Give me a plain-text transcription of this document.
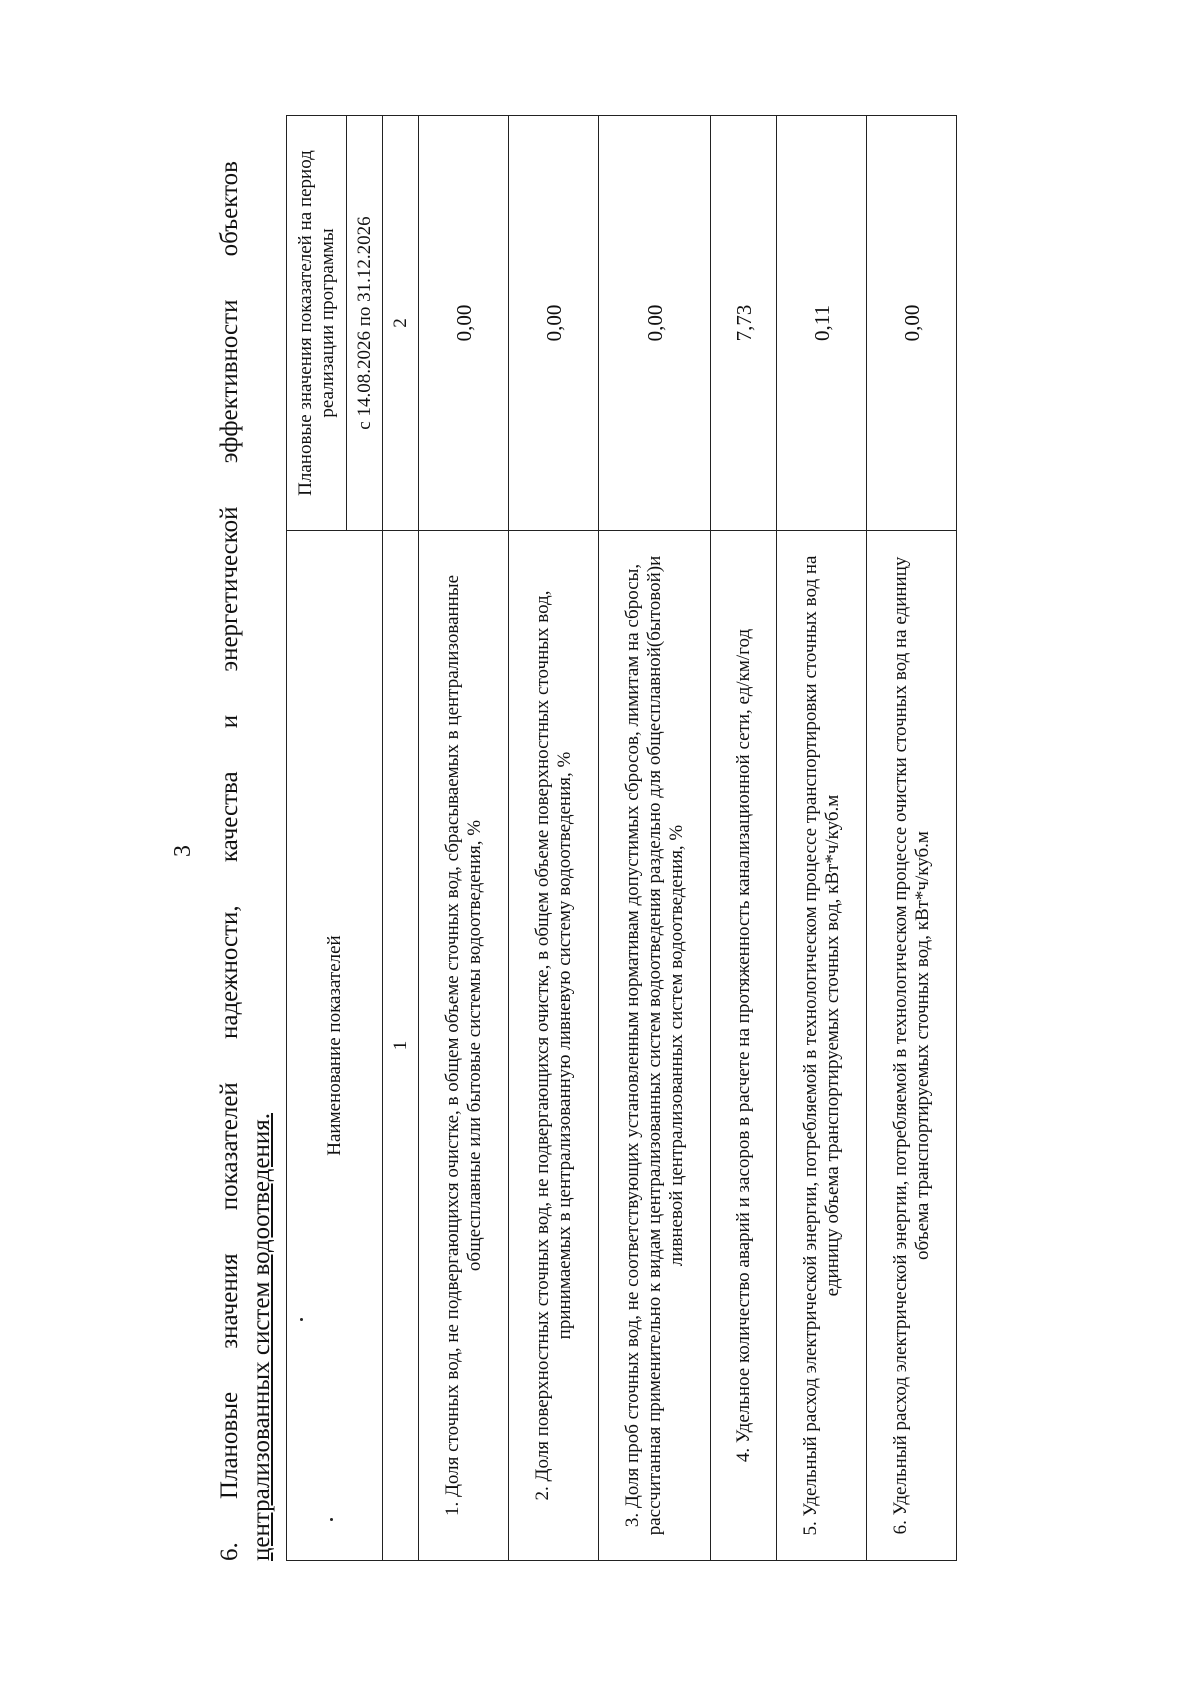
3
6.
Плановые
значения
показателей
надежности,
качества
и
энергетической
эффективности
объектов
централизованных систем водоотведения.
Наименование показателей	Плановые значения показателей на период реализации программы
	с 14.08.2026 по 31.12.2026
1	2
1. Доля сточных вод, не подвергающихся очистке, в общем объеме сточных вод, сбрасываемых в централизованные общесплавные или бытовые системы водоотведения, %	0,00
2. Доля поверхностных сточных вод, не подвергающихся очистке, в общем объеме поверхностных сточных вод, принимаемых в централизованную ливневую систему водоотведения, %	0,00
3. Доля проб сточных вод, не соответствующих установленным нормативам допустимых сбросов, лимитам на сбросы, рассчитанная применительно к видам централизованных систем водоотведения раздельно для общесплавной(бытовой)и ливневой централизованных систем водоотведения, %	0,00
4. Удельное количество аварий и засоров в расчете на протяженность канализационной сети, ед/км/год	7,73
5. Удельный расход электрической энергии, потребляемой в технологическом процессе транспортировки сточных вод на единицу объема транспортируемых сточных вод, кВт*ч/куб.м	0,11
6. Удельный расход электрической энергии, потребляемой в технологическом процессе очистки сточных вод на единицу объема транспортируемых сточных вод, кВт*ч/куб.м	0,00
